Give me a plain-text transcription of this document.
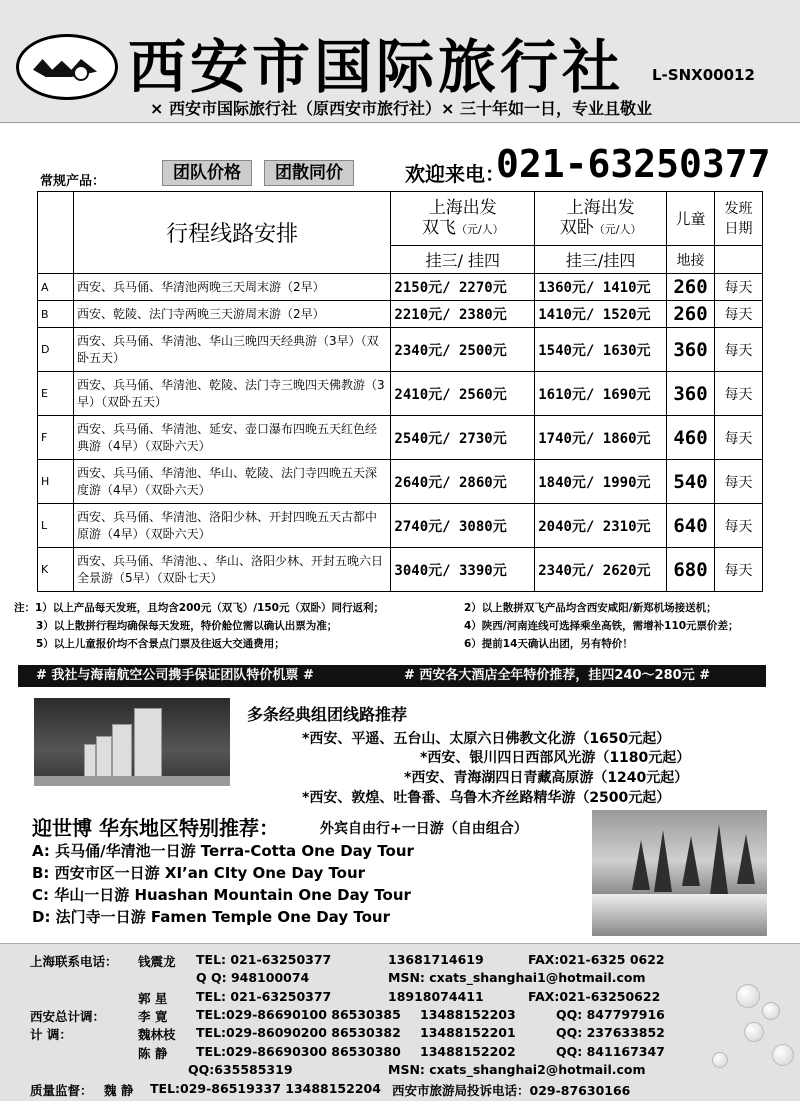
西安市国际旅行社 L-SNX00012
× 西安市国际旅行社（原西安市旅行社）× 三十年如一日，专业且敬业
常规产品：	团队价格	团散同价	欢迎来电：
021-63250377
	行程线路安排	上海出发
双飞（元/人）	上海出发
双卧（元/人）	儿童	发班日期
		挂三/ 挂四	挂三/挂四	地接	
A	西安、兵马俑、华清池两晚三天周末游（2早）	2150元/ 2270元	1360元/ 1410元	260	每天
B	西安、乾陵、法门寺两晚三天游周末游（2早）	2210元/ 2380元	1410元/ 1520元	260	每天
D	西安、兵马俑、华清池、华山三晚四天经典游（3早）（双卧五天）	2340元/ 2500元	1540元/ 1630元	360	每天
E	西安、兵马俑、华清池、乾陵、法门寺三晚四天佛教游（3早）（双卧五天）	2410元/ 2560元	1610元/ 1690元	360	每天
F	西安、兵马俑、华清池、延安、壶口瀑布四晚五天红色经典游（4早）（双卧六天）	2540元/ 2730元	1740元/ 1860元	460	每天
H	西安、兵马俑、华清池、华山、乾陵、法门寺四晚五天深度游（4早）（双卧六天）	2640元/ 2860元	1840元/ 1990元	540	每天
L	西安、兵马俑、华清池、洛阳少林、开封四晚五天古都中原游（4早）（双卧六天）	2740元/ 3080元	2040元/ 2310元	640	每天
K	西安、兵马俑、华清池、、华山、洛阳少林、开封五晚六日全景游（5早）（双卧七天）	3040元/ 3390元	2340元/ 2620元	680	每天
注：1）以上产品每天发班，且均含200元（双飞）/150元（双卧）同行返利；	2）以上散拼双飞产品均含西安咸阳/新郑机场接送机；
3）以上散拼行程均确保每天发班，特价舱位需以确认出票为准；	4）陕西/河南连线可选择乘坐高铁，需增补110元票价差；
5）以上儿童报价均不含景点门票及往返大交通费用；	6）提前14天确认出团，另有特价！
# 我社与海南航空公司携手保证团队特价机票 #	# 西安各大酒店全年特价推荐，挂四240～280元 #
多条经典组团线路推荐
*西安、平遥、五台山、太原六日佛教文化游（1650元起）
*西安、银川四日西部风光游（1180元起）
*西安、青海湖四日青藏高原游（1240元起）
*西安、敦煌、吐鲁番、乌鲁木齐丝路精华游（2500元起）
迎世博 华东地区特别推荐：	外宾自由行+一日游（自由组合）
A: 兵马俑/华清池一日游 Terra-Cotta One Day Tour
B: 西安市区一日游 XI’an CIty One Day Tour
C: 华山一日游 Huashan Mountain One Day Tour
D: 法门寺一日游 Famen Temple One Day Tour
上海联系电话： 钱震龙 TEL: 021-63250377	13681714619	FAX:021-6325 0622
Q Q: 948100074	MSN: cxats_shanghai1@hotmail.com
郭 星 TEL: 021-63250377	18918074411	FAX:021-63250622
西安总计调：
计 调：
李 寛 TEL:029-86690100 86530385 13488152203	QQ: 847797916
魏林枝 TEL:029-86090200 86530382 13488152201	QQ: 237633852
陈 静 TEL:029-86690300 86530380 13488152202	QQ: 841167347
QQ:635585319	MSN: cxats_shanghai2@hotmail.com
质量监督： 魏 静 TEL:029-86519337 13488152204 西安市旅游局投诉电话：029-87630166
